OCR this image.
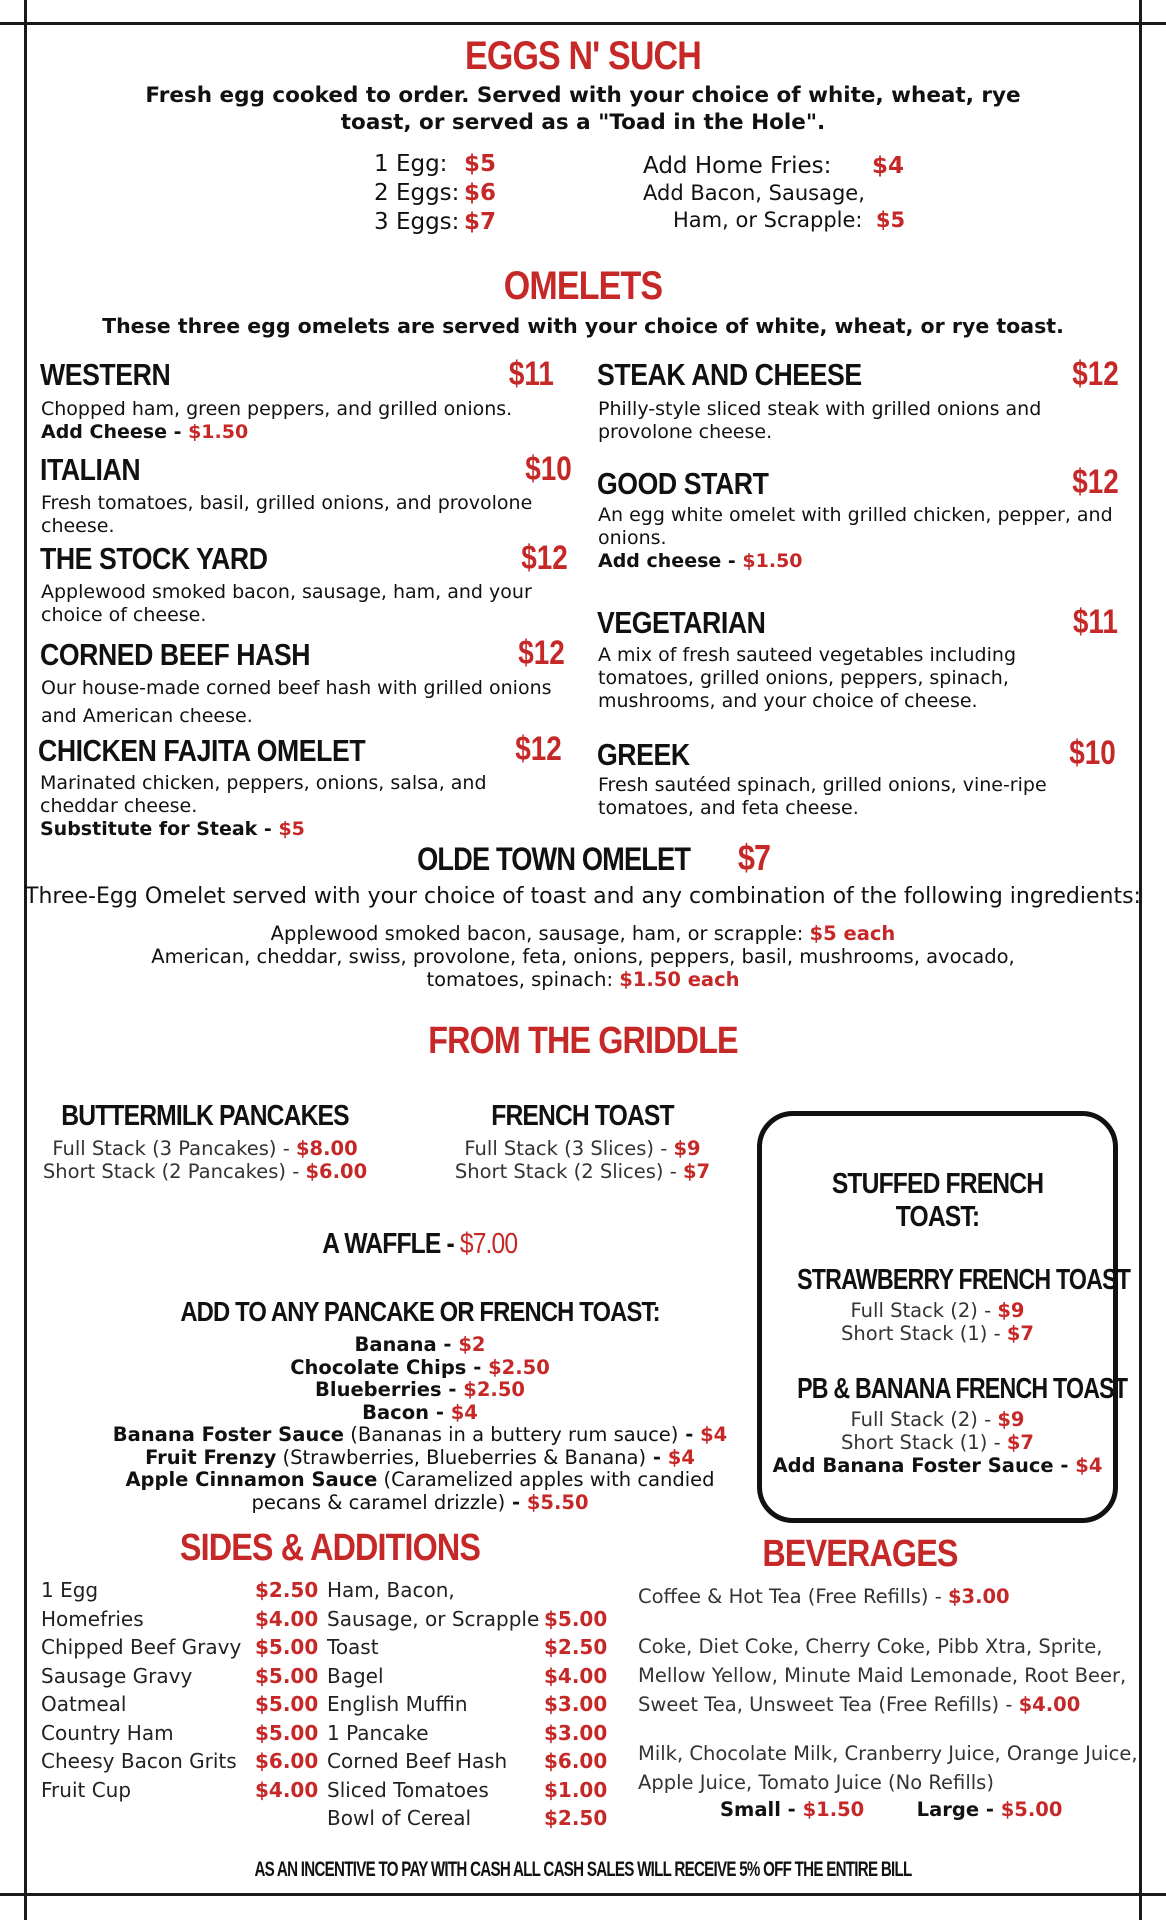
EGGS N' SUCH
Fresh egg cooked to order. Served with your choice of white, wheat, rye toast, or served as a "Toad in the Hole".
1 Egg: $5
2 Eggs: $6
3 Eggs: $7
Add Home Fries: $4
Add Bacon, Sausage,
Ham, or Scrapple: $5
OMELETS
These three egg omelets are served with your choice of white, wheat, or rye toast.
WESTERN	$11
Chopped ham, green peppers, and grilled onions.
Add Cheese - $1.50
ITALIAN	$10
Fresh tomatoes, basil, grilled onions, and provolone cheese.
THE STOCK YARD	$12
Applewood smoked bacon, sausage, ham, and your choice of cheese.
CORNED BEEF HASH	$12
Our house-made corned beef hash with grilled onions and American cheese.
CHICKEN FAJITA OMELET	$12
Marinated chicken, peppers, onions, salsa, and cheddar cheese.
Substitute for Steak - $5
STEAK AND CHEESE	$12
Philly-style sliced steak with grilled onions and provolone cheese.
GOOD START	$12
An egg white omelet with grilled chicken, pepper, and onions.
Add cheese - $1.50
VEGETARIAN	$11
A mix of fresh sauteed vegetables including tomatoes, grilled onions, peppers, spinach, mushrooms, and your choice of cheese.
GREEK	$10
Fresh sautéed spinach, grilled onions, vine-ripe tomatoes, and feta cheese.
OLDE TOWN OMELET $7
Three-Egg Omelet served with your choice of toast and any combination of the following ingredients:
Applewood smoked bacon, sausage, ham, or scrapple: $5 each
American, cheddar, swiss, provolone, feta, onions, peppers, basil, mushrooms, avocado, tomatoes, spinach: $1.50 each
FROM THE GRIDDLE
BUTTERMILK PANCAKES
Full Stack (3 Pancakes) - $8.00
Short Stack (2 Pancakes) - $6.00
FRENCH TOAST
Full Stack (3 Slices) - $9
Short Stack (2 Slices) - $7
A WAFFLE - $7.00
ADD TO ANY PANCAKE OR FRENCH TOAST:
Banana - $2
Chocolate Chips - $2.50
Blueberries - $2.50
Bacon - $4
Banana Foster Sauce (Bananas in a buttery rum sauce) - $4
Fruit Frenzy (Strawberries, Blueberries & Banana) - $4
Apple Cinnamon Sauce (Caramelized apples with candied
pecans & caramel drizzle) - $5.50
STUFFED FRENCH TOAST:
STRAWBERRY FRENCH TOAST
Full Stack (2) - $9
Short Stack (1) - $7
PB & BANANA FRENCH TOAST
Full Stack (2) - $9
Short Stack (1) - $7
Add Banana Foster Sauce - $4
SIDES & ADDITIONS
1 Egg	$2.50
Homefries	$4.00
Chipped Beef Gravy $5.00
Sausage Gravy	$5.00
Oatmeal	$5.00
Country Ham	$5.00
Cheesy Bacon Grits $6.00
Fruit Cup	$4.00
Ham, Bacon,
Sausage, or Scrapple $5.00
Toast	$2.50
Bagel	$4.00
English Muffin	$3.00
1 Pancake	$3.00
Corned Beef Hash $6.00
Sliced Tomatoes	$1.00
Bowl of Cereal	$2.50
BEVERAGES
Coffee & Hot Tea (Free Refills) - $3.00
Coke, Diet Coke, Cherry Coke, Pibb Xtra, Sprite, Mellow Yellow, Minute Maid Lemonade, Root Beer, Sweet Tea, Unsweet Tea (Free Refills) - $4.00
Milk, Chocolate Milk, Cranberry Juice, Orange Juice, Apple Juice, Tomato Juice (No Refills)
Small - $1.50	Large - $5.00
AS AN INCENTIVE TO PAY WITH CASH ALL CASH SALES WILL RECEIVE 5% OFF THE ENTIRE BILL
